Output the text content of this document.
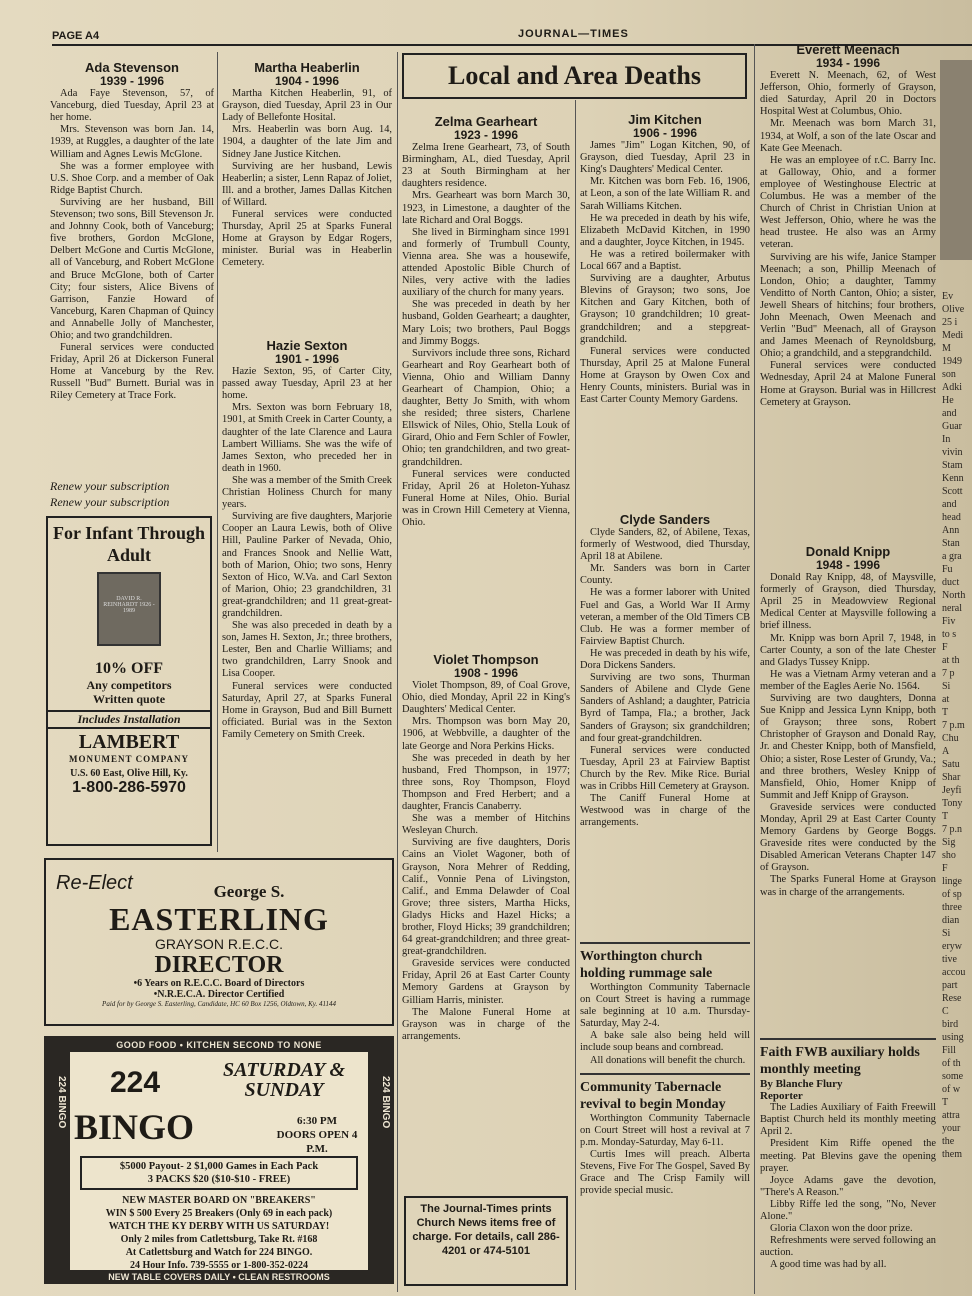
PAGE A4	JOURNAL—TIMES
Local and Area Deaths
Ada Stevenson
1939 - 1996

Ada Faye Stevenson, 57, of Vanceburg, died Tuesday, April 23 at her home.

Mrs. Stevenson was born Jan. 14, 1939, at Ruggles, a daughter of the late William and Agnes Lewis McGlone.

She was a former employee with U.S. Shoe Corp. and a member of Oak Ridge Baptist Church.

Surviving are her husband, Bill Stevenson; two sons, Bill Stevenson Jr. and Johnny Cook, both of Vanceburg; five brothers, Gordon McGlone, Delbert McGone and Curtis McGlone, all of Vanceburg, and Robert McGlone and Bruce McGlone, both of Carter City; four sisters, Alice Bivens of Garrison, Fanzie Howard of Vanceburg, Karen Chapman of Quincy and Annabelle Jolly of Manchester, Ohio; and two grandchildren.

Funeral services were conducted Friday, April 26 at Dickerson Funeral Home at Vanceburg by the Rev. Russell "Bud" Burnett. Burial was in Riley Cemetery at Trace Fork.

Renew your subscription
Renew your subscription
For Infant Through Adult
DAVID R. REINHARDT 1926 - 1989
10% OFF
Any competitors
Written quote
Includes Installation
LAMBERT
MONUMENT COMPANY
U.S. 60 East, Olive Hill, Ky.
1-800-286-5970
Re-Elect	George S.
EASTERLING
GRAYSON R.E.C.C.
DIRECTOR
•6 Years on R.E.C.C. Board of Directors
•N.R.E.C.A. Director Certified
Paid for by George S. Easterling, Candidate, HC 60 Box 1256, Oldtown, Ky. 41144
GOOD FOOD • KITCHEN SECOND TO NONE
224 BINGO	224 BINGO
224	SATURDAY & SUNDAY
BINGO	6:30 PM
DOORS OPEN 4 P.M.
$5000 Payout- 2 $1,000 Games in Each Pack
3 PACKS $20 ($10-$10 - FREE)
NEW MASTER BOARD ON "BREAKERS"
WIN $ 500 Every 25 Breakers (Only 69 in each pack)
WATCH THE KY DERBY WITH US SATURDAY!
Only 2 miles from Catlettsburg, Take Rt. #168
At Catlettsburg and Watch for 224 BINGO.
24 Hour Info. 739-5555 or 1-800-352-0224
NEW TABLE COVERS DAILY • CLEAN RESTROOMS
Martha Heaberlin
1904 - 1996

Martha Kitchen Heaberlin, 91, of Grayson, died Tuesday, April 23 in Our Lady of Bellefonte Hosital.

Mrs. Heaberlin was born Aug. 14, 1904, a daughter of the late Jim and Sidney Jane Justice Kitchen.

Surviving are her husband, Lewis Heaberlin; a sister, Lenn Rapaz of Joliet, Ill. and a brother, James Dallas Kitchen of Willard.

Funeral services were conducted Thursday, April 25 at Sparks Funeral Home at Grayson by Edgar Rogers, minister. Burial was in Heaberlin Cemetery.

Hazie Sexton
1901 - 1996

Hazie Sexton, 95, of Carter City, passed away Tuesday, April 23 at her home.

Mrs. Sexton was born February 18, 1901, at Smith Creek in Carter County, a daughter of the late Clarence and Laura Lambert Williams. She was the wife of James Sexton, who preceded her in death in 1960.

She was a member of the Smith Creek Christian Holiness Church for many years.

Surviving are five daughters, Marjorie Cooper an Laura Lewis, both of Olive Hill, Pauline Parker of Nevada, Ohio, and Frances Snook and Nellie Watt, both of Marion, Ohio; two sons, Henry Sexton of Hico, W.Va. and Carl Sexton of Marion, Ohio; 23 grandchildren, 31 great-grandchildren; and 11 great-great-grandchildren.

She was also preceded in death by a son, James H. Sexton, Jr.; three brothers, Lester, Ben and Charlie Williams; and two grandchildren, Larry Snook and Lisa Cooper.

Funeral services were conducted Saturday, April 27, at Sparks Funeral Home in Grayson, Bud and Bill Burnett officiated. Burial was in the Sexton Family Cemetery on Smith Creek.

Zelma Gearheart
1923 - 1996

Zelma Irene Gearheart, 73, of South Birmingham, AL, died Tuesday, April 23 at South Birmingham at her daughters residence.

Mrs. Gearheart was born March 30, 1923, in Limestone, a daughter of the late Richard and Oral Boggs.

She lived in Birmingham since 1991 and formerly of Trumbull County, Vienna area. She was a housewife, attended Apostolic Bible Church of Niles, very active with the ladies auxiliary of the church for many years.

She was preceded in death by her husband, Golden Gearheart; a daughter, Mary Lois; two brothers, Paul Boggs and Jimmy Boggs.

Survivors include three sons, Richard Gearheart and Roy Gearheart both of Vienna, Ohio and William Danny Gearheart of Champion, Ohio; a daughter, Betty Jo Smith, with whom she resided; three sisters, Charlene Ellswick of Niles, Ohio, Stella Louk of Girard, Ohio and Fern Schler of Fowler, Ohio; ten grandchildren, and two great-grandchildren.

Funeral services were conducted Friday, April 26 at Holeton-Yuhasz Funeral Home at Niles, Ohio. Burial was in Crown Hill Cemetery at Vienna, Ohio.

Violet Thompson
1908 - 1996

Violet Thompson, 89, of Coal Grove, Ohio, died Monday, April 22 in King's Daughters' Medical Center.

Mrs. Thompson was born May 20, 1906, at Webbville, a daughter of the late George and Nora Perkins Hicks.

She was preceded in death by her husband, Fred Thompson, in 1977; three sons, Roy Thompson, Floyd Thompson and Fred Herbert; and a daughter, Francis Canaberry.

She was a member of Hitchins Wesleyan Church.

Surviving are five daughters, Doris Cains an Violet Wagoner, both of Grayson, Nora Mehrer of Redding, Calif., Vonnie Pena of Livingston, Calif., and Emma Delawder of Coal Grove; three sisters, Martha Hicks, Gladys Hicks and Hazel Hicks; a brother, Floyd Hicks; 39 grandchildren; 64 great-grandchildren; and three great-great-grandchildren.

Graveside services were conducted Friday, April 26 at East Carter County Memory Gardens at Grayson by Gilliam Harris, minister.

The Malone Funeral Home at Grayson was in charge of the arrangements.

The Journal-Times prints Church News items free of charge. For details, call 286-4201 or 474-5101
Jim Kitchen
1906 - 1996

James "Jim" Logan Kitchen, 90, of Grayson, died Tuesday, April 23 in King's Daughters' Medical Center.

Mr. Kitchen was born Feb. 16, 1906, at Leon, a son of the late William R. and Sarah Williams Kitchen.

He wa preceded in death by his wife, Elizabeth McDavid Kitchen, in 1990 and a daughter, Joyce Kitchen, in 1945.

He was a retired boilermaker with Local 667 and a Baptist.

Surviving are a daughter, Arbutus Blevins of Grayson; two sons, Joe Kitchen and Gary Kitchen, both of Grayson; 10 grandchildren; 10 great-grandchildren; and a stepgreat-grandchild.

Funeral services were conducted Thursday, April 25 at Malone Funeral Home at Grayson by Owen Cox and Henry Counts, ministers. Burial was in East Carter County Memory Gardens.

Clyde Sanders

Clyde Sanders, 82, of Abilene, Texas, formerly of Westwood, died Thursday, April 18 at Abilene.

Mr. Sanders was born in Carter County.

He was a former laborer with United Fuel and Gas, a World War II Army veteran, a member of the Old Timers CB Club. He was a former member of Fairview Baptist Church.

He was preceded in death by his wife, Dora Dickens Sanders.

Surviving are two sons, Thurman Sanders of Abilene and Clyde Gene Sanders of Ashland; a daughter, Patricia Byrd of Tampa, Fla.; a brother, Jack Sanders of Grayson; six grandchildren; and four great-grandchildren.

Funeral services were conducted Tuesday, April 23 at Fairview Baptist Church by the Rev. Mike Rice. Burial was in Cribbs Hill Cemetery at Grayson.

The Caniff Funeral Home at Westwood was in charge of the arrangements.

Worthington church holding rummage sale

Worthington Community Tabernacle on Court Street is having a rummage sale beginning at 10 a.m. Thursday-Saturday, May 2-4.

A bake sale also being held will include soup beans and cornbread.

All donations will benefit the church.

Community Tabernacle revival to begin Monday

Worthington Community Tabernacle on Court Street will host a revival at 7 p.m. Monday-Saturday, May 6-11.

Curtis Imes will preach. Alberta Stevens, Five For The Gospel, Saved By Grace and The Crisp Family will provide special music.

Everett Meenach
1934 - 1996

Everett N. Meenach, 62, of West Jefferson, Ohio, formerly of Grayson, died Saturday, April 20 in Doctors Hospital West at Columbus, Ohio.

Mr. Meenach was born March 31, 1934, at Wolf, a son of the late Oscar and Kate Gee Meenach.

He was an employee of r.C. Barry Inc. at Galloway, Ohio, and a former employee of Westinghouse Electric at Columbus. He was a member of the Church of Christ in Christian Union at West Jefferson, Ohio, where he was the head trustee. He also was an Army veteran.

Surviving are his wife, Janice Stamper Meenach; a son, Phillip Meenach of London, Ohio; a daughter, Tammy Venditto of North Canton, Ohio; a sister, Jewell Shears of hitchins; four brothers, John Meenach, Owen Meenach and Verlin "Bud" Meenach, all of Grayson and James Meenach of Reynoldsburg, Ohio; a grandchild, and a stepgrandchild.

Funeral services were conducted Wednesday, April 24 at Malone Funeral Home at Grayson. Burial was in Hillcrest Cemetery at Grayson.

Donald Knipp
1948 - 1996

Donald Ray Knipp, 48, of Maysville, formerly of Grayson, died Thursday, April 25 in Meadowview Regional Medical Center at Maysville following a brief illness.

Mr. Knipp was born April 7, 1948, in Carter County, a son of the late Chester and Gladys Tussey Knipp.

He was a Vietnam Army veteran and a member of the Eagles Aerie No. 1564.

Surviving are two daughters, Donna Sue Knipp and Jessica Lynn Knipp, both of Grayson; three sons, Robert Christopher of Grayson and Donald Ray, Jr. and Chester Knipp, both of Mansfield, Ohio; a sister, Rose Lester of Grundy, Va.; and three brothers, Wesley Knipp of Mansfield, Ohio, Homer Knipp of Summit and Jeff Knipp of Grayson.

Graveside services were conducted Monday, April 29 at East Carter County Memory Gardens by George Boggs. Graveside rites were conducted by the Disabled American Veterans Chapter 147 of Grayson.

The Sparks Funeral Home at Grayson was in charge of the arrangements.

Faith FWB auxiliary holds monthly meeting
By Blanche Flury
Reporter

The Ladies Auxiliary of Faith Freewill Baptist Church held its monthly meeting April 2.

President Kim Riffe opened the meeting. Pat Blevins gave the opening prayer.

Joyce Adams gave the devotion, "There's A Reason."

Libby Riffe led the song, "No, Never Alone."

Gloria Claxon won the door prize.

Refreshments were served following an auction.

A good time was had by all.

Ev
Olive
25 i
Medi
M
1949
son
Adki
He
and
Guar
In
vivin
Stam
Kenn
Scott
and
head
Ann
Stan
a gra
Fu
duct
North
neral
Fiv
to s
F
at th
7 p
Si
at
T
7 p.m
Chu
A
Satu
Shar
Jeyfi
Tony
T
7 p.n
Sig
sho
F
linge
of sp
three
dian
Si
eryw
tive
accou
part
Rese
C
bird
using
Fill
of th
some
of w
T
attra
your
the
them
